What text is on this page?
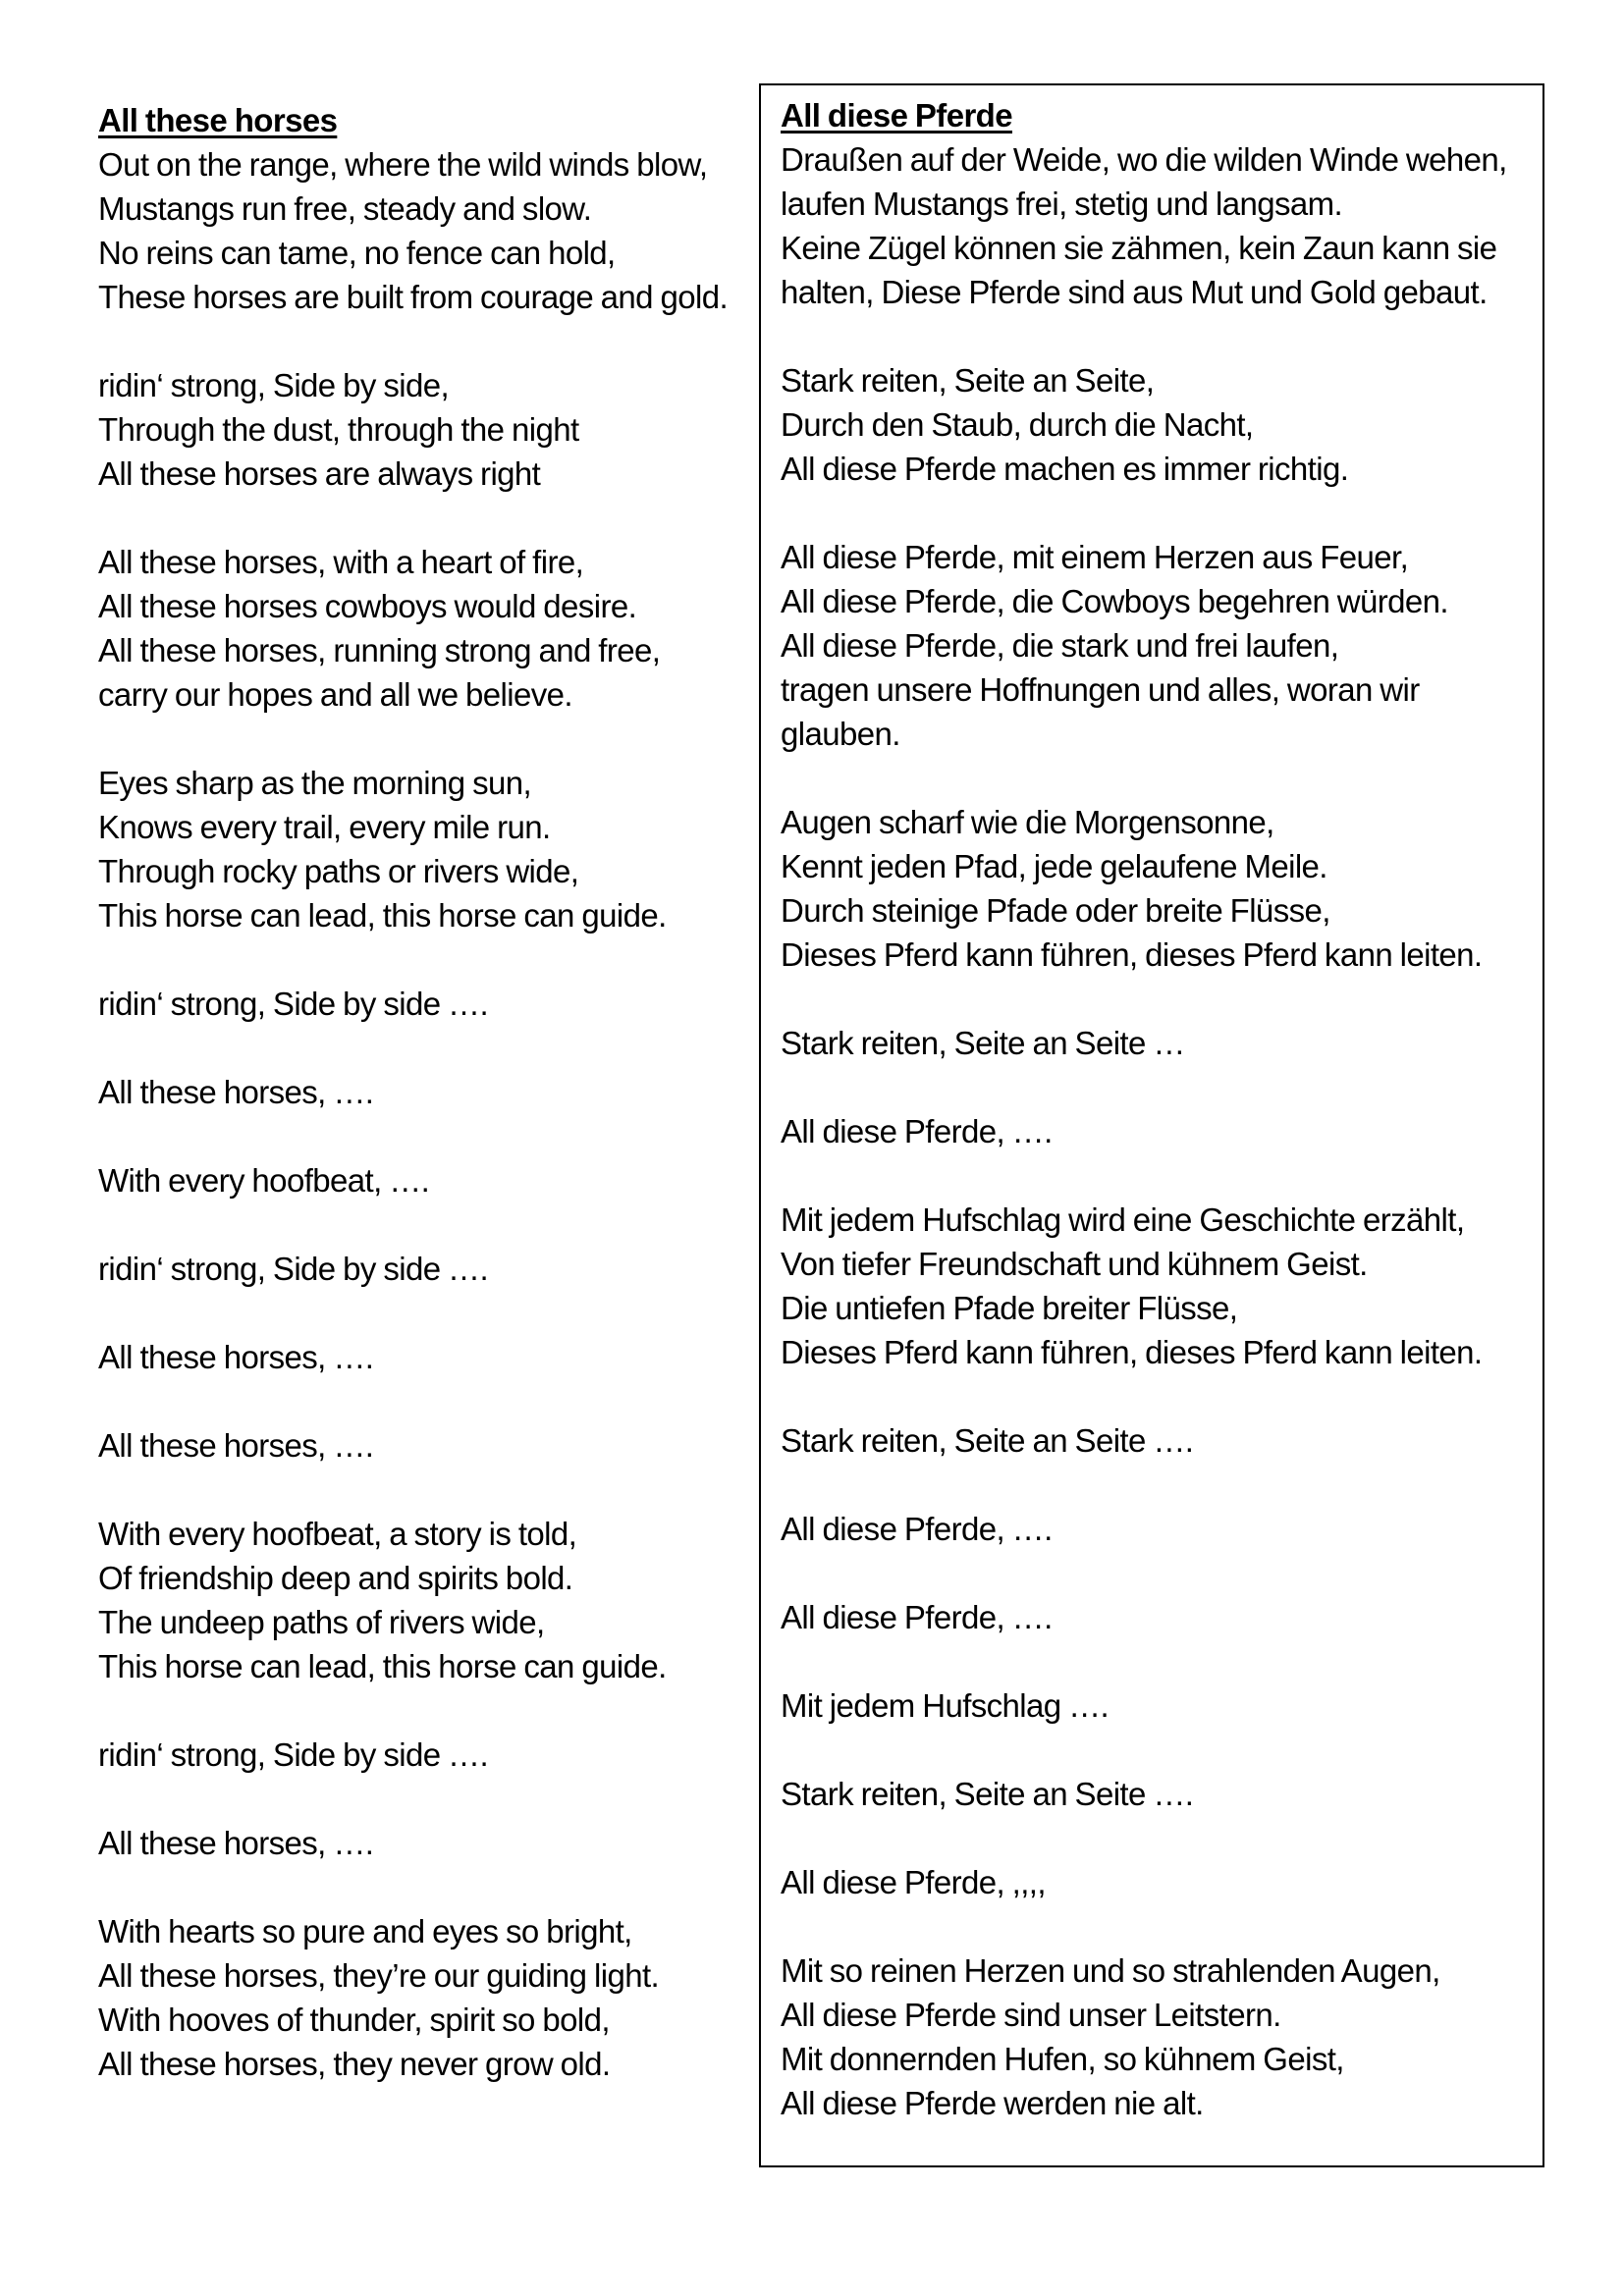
All these horses
Out on the range, where the wild winds blow,
Mustangs run free, steady and slow.
No reins can tame, no fence can hold,
These horses are built from courage and gold.
ridin‘ strong, Side by side,
Through the dust, through the night
All these horses are always right
All these horses, with a heart of fire,
All these horses cowboys would desire.
All these horses, running strong and free,
carry our hopes and all we believe.
Eyes sharp as the morning sun,
Knows every trail, every mile run.
Through rocky paths or rivers wide,
This horse can lead, this horse can guide.
ridin‘ strong, Side by side ….
All these horses, ….
With every hoofbeat, ….
ridin‘ strong, Side by side ….
All these horses, ….
All these horses, ….
With every hoofbeat, a story is told,
Of friendship deep and spirits bold.
The undeep paths of rivers wide,
This horse can lead, this horse can guide.
ridin‘ strong, Side by side ….
All these horses, ….
With hearts so pure and eyes so bright,
All these horses, they’re our guiding light.
With hooves of thunder, spirit so bold,
All these horses, they never grow old.
All diese Pferde
Draußen auf der Weide, wo die wilden Winde wehen,
laufen Mustangs frei, stetig und langsam.
Keine Zügel können sie zähmen, kein Zaun kann sie
halten, Diese Pferde sind aus Mut und Gold gebaut.
Stark reiten, Seite an Seite,
Durch den Staub, durch die Nacht,
All diese Pferde machen es immer richtig.
All diese Pferde, mit einem Herzen aus Feuer,
All diese Pferde, die Cowboys begehren würden.
All diese Pferde, die stark und frei laufen,
tragen unsere Hoffnungen und alles, woran wir
glauben.
Augen scharf wie die Morgensonne,
Kennt jeden Pfad, jede gelaufene Meile.
Durch steinige Pfade oder breite Flüsse,
Dieses Pferd kann führen, dieses Pferd kann leiten.
Stark reiten, Seite an Seite …
All diese Pferde, ….
Mit jedem Hufschlag wird eine Geschichte erzählt,
Von tiefer Freundschaft und kühnem Geist.
Die untiefen Pfade breiter Flüsse,
Dieses Pferd kann führen, dieses Pferd kann leiten.
Stark reiten, Seite an Seite ….
All diese Pferde, ….
All diese Pferde, ….
Mit jedem Hufschlag ….
Stark reiten, Seite an Seite ….
All diese Pferde, ,,,,
Mit so reinen Herzen und so strahlenden Augen,
All diese Pferde sind unser Leitstern.
Mit donnernden Hufen, so kühnem Geist,
All diese Pferde werden nie alt.
